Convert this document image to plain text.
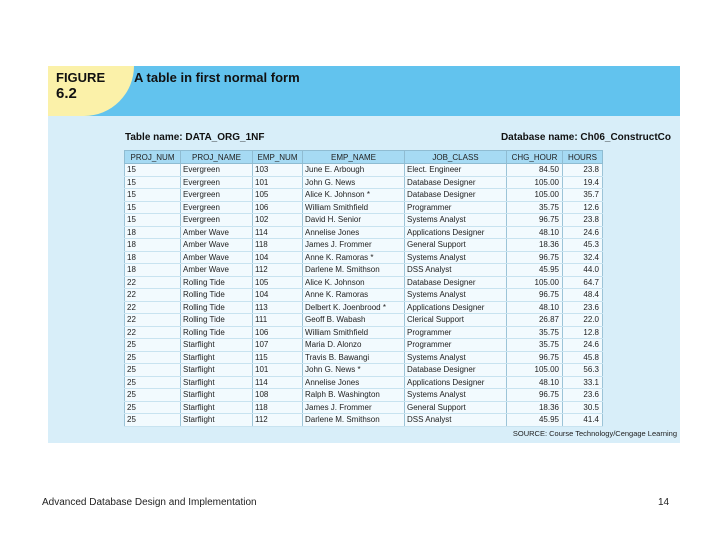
FIGURE
6.2
A table in first normal form
Table name: DATA_ORG_1NF	Database name: Ch06_ConstructCo
PROJ_NUM	PROJ_NAME	EMP_NUM	EMP_NAME	JOB_CLASS	CHG_HOUR	HOURS
15	Evergreen	103	June E. Arbough	Elect. Engineer	84.50	23.8
15	Evergreen	101	John G. News	Database Designer	105.00	19.4
15	Evergreen	105	Alice K. Johnson *	Database Designer	105.00	35.7
15	Evergreen	106	William Smithfield	Programmer	35.75	12.6
15	Evergreen	102	David H. Senior	Systems Analyst	96.75	23.8
18	Amber Wave	114	Annelise Jones	Applications Designer	48.10	24.6
18	Amber Wave	118	James J. Frommer	General Support	18.36	45.3
18	Amber Wave	104	Anne K. Ramoras *	Systems Analyst	96.75	32.4
18	Amber Wave	112	Darlene M. Smithson	DSS Analyst	45.95	44.0
22	Rolling Tide	105	Alice K. Johnson	Database Designer	105.00	64.7
22	Rolling Tide	104	Anne K. Ramoras	Systems Analyst	96.75	48.4
22	Rolling Tide	113	Delbert K. Joenbrood *	Applications Designer	48.10	23.6
22	Rolling Tide	111	Geoff B. Wabash	Clerical Support	26.87	22.0
22	Rolling Tide	106	William Smithfield	Programmer	35.75	12.8
25	Starflight	107	Maria D. Alonzo	Programmer	35.75	24.6
25	Starflight	115	Travis B. Bawangi	Systems Analyst	96.75	45.8
25	Starflight	101	John G. News *	Database Designer	105.00	56.3
25	Starflight	114	Annelise Jones	Applications Designer	48.10	33.1
25	Starflight	108	Ralph B. Washington	Systems Analyst	96.75	23.6
25	Starflight	118	James J. Frommer	General Support	18.36	30.5
25	Starflight	112	Darlene M. Smithson	DSS Analyst	45.95	41.4
SOURCE: Course Technology/Cengage Learning
Advanced Database Design and Implementation	14
